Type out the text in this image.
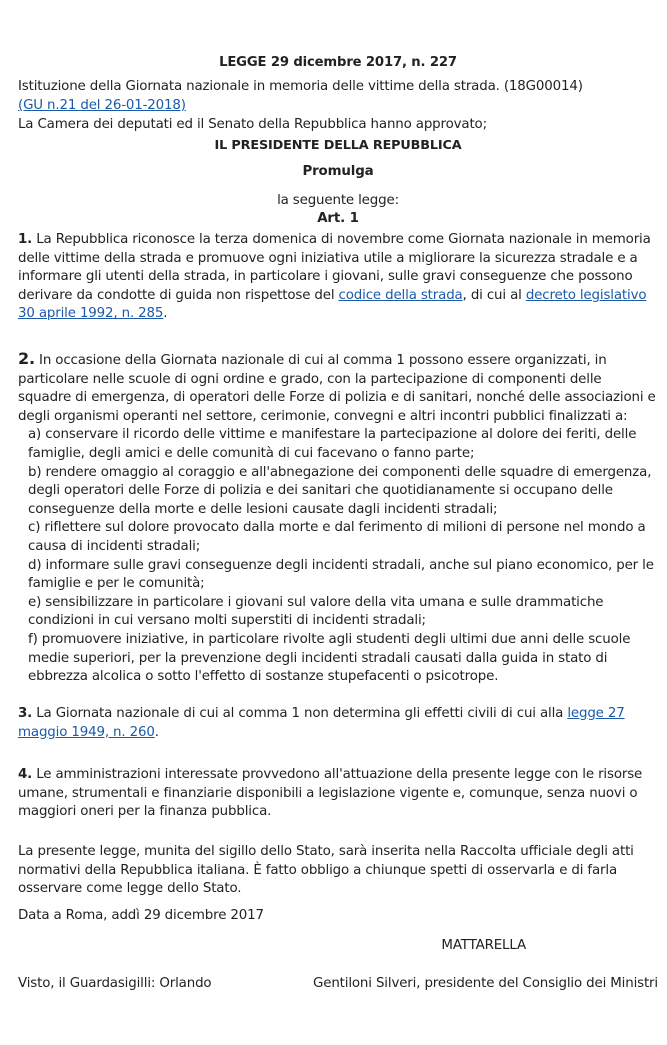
LEGGE 29 dicembre 2017, n. 227
Istituzione della Giornata nazionale in memoria delle vittime della strada. (18G00014)
(GU n.21 del 26-01-2018)
La Camera dei deputati ed il Senato della Repubblica hanno approvato;
IL PRESIDENTE DELLA REPUBBLICA
Promulga
la seguente legge:
Art. 1
1. La Repubblica riconosce la terza domenica di novembre come Giornata nazionale in memoria delle vittime della strada e promuove ogni iniziativa utile a migliorare la sicurezza stradale e a informare gli utenti della strada, in particolare i giovani, sulle gravi conseguenze che possono derivare da condotte di guida non rispettose del codice della strada, di cui al decreto legislativo 30 aprile 1992, n. 285.
2. In occasione della Giornata nazionale di cui al comma 1 possono essere organizzati, in particolare nelle scuole di ogni ordine e grado, con la partecipazione di componenti delle squadre di emergenza, di operatori delle Forze di polizia e di sanitari, nonché delle associazioni e degli organismi operanti nel settore, cerimonie, convegni e altri incontri pubblici finalizzati a:
a) conservare il ricordo delle vittime e manifestare la partecipazione al dolore dei feriti, delle famiglie, degli amici e delle comunità di cui facevano o fanno parte;
b) rendere omaggio al coraggio e all'abnegazione dei componenti delle squadre di emergenza, degli operatori delle Forze di polizia e dei sanitari che quotidianamente si occupano delle conseguenze della morte e delle lesioni causate dagli incidenti stradali;
c) riflettere sul dolore provocato dalla morte e dal ferimento di milioni di persone nel mondo a causa di incidenti stradali;
d) informare sulle gravi conseguenze degli incidenti stradali, anche sul piano economico, per le famiglie e per le comunità;
e) sensibilizzare in particolare i giovani sul valore della vita umana e sulle drammatiche condizioni in cui versano molti superstiti di incidenti stradali;
f) promuovere iniziative, in particolare rivolte agli studenti degli ultimi due anni delle scuole medie superiori, per la prevenzione degli incidenti stradali causati dalla guida in stato di ebbrezza alcolica o sotto l'effetto di sostanze stupefacenti o psicotrope.
3. La Giornata nazionale di cui al comma 1 non determina gli effetti civili di cui alla legge 27 maggio 1949, n. 260.
4. Le amministrazioni interessate provvedono all'attuazione della presente legge con le risorse umane, strumentali e finanziarie disponibili a legislazione vigente e, comunque, senza nuovi o maggiori oneri per la finanza pubblica.
La presente legge, munita del sigillo dello Stato, sarà inserita nella Raccolta ufficiale degli atti normativi della Repubblica italiana. È fatto obbligo a chiunque spetti di osservarla e di farla osservare come legge dello Stato.
Data a Roma, addì 29 dicembre 2017
MATTARELLA
Visto, il Guardasigilli: Orlando	Gentiloni Silveri, presidente del Consiglio dei Ministri
